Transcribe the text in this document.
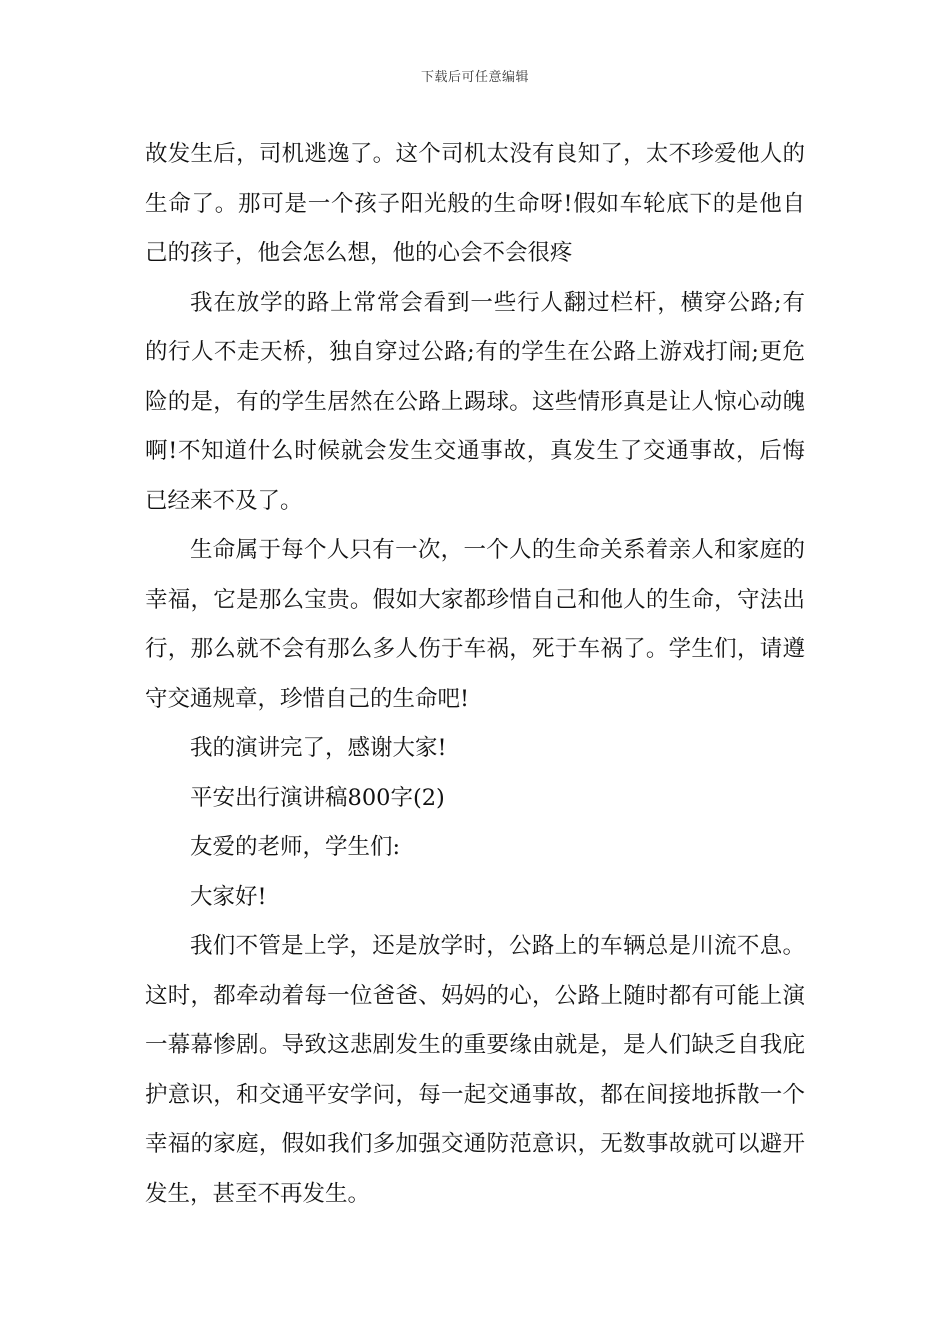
下载后可任意编辑

故发生后，司机逃逸了。这个司机太没有良知了，太不珍爱他人的生命了。那可是一个孩子阳光般的生命呀!假如车轮底下的是他自己的孩子，他会怎么想，他的心会不会很疼

我在放学的路上常常会看到一些行人翻过栏杆，横穿公路;有的行人不走天桥，独自穿过公路;有的学生在公路上游戏打闹;更危险的是，有的学生居然在公路上踢球。这些情形真是让人惊心动魄啊!不知道什么时候就会发生交通事故，真发生了交通事故，后悔已经来不及了。

生命属于每个人只有一次，一个人的生命关系着亲人和家庭的幸福，它是那么宝贵。假如大家都珍惜自己和他人的生命，守法出行，那么就不会有那么多人伤于车祸，死于车祸了。学生们，请遵守交通规章，珍惜自己的生命吧!

我的演讲完了，感谢大家!

平安出行演讲稿800字(2)

友爱的老师，学生们:

大家好!

我们不管是上学，还是放学时，公路上的车辆总是川流不息。这时，都牵动着每一位爸爸、妈妈的心，公路上随时都有可能上演一幕幕惨剧。导致这悲剧发生的重要缘由就是，是人们缺乏自我庇护意识，和交通平安学问，每一起交通事故，都在间接地拆散一个幸福的家庭，假如我们多加强交通防范意识，无数事故就可以避开发生，甚至不再发生。
